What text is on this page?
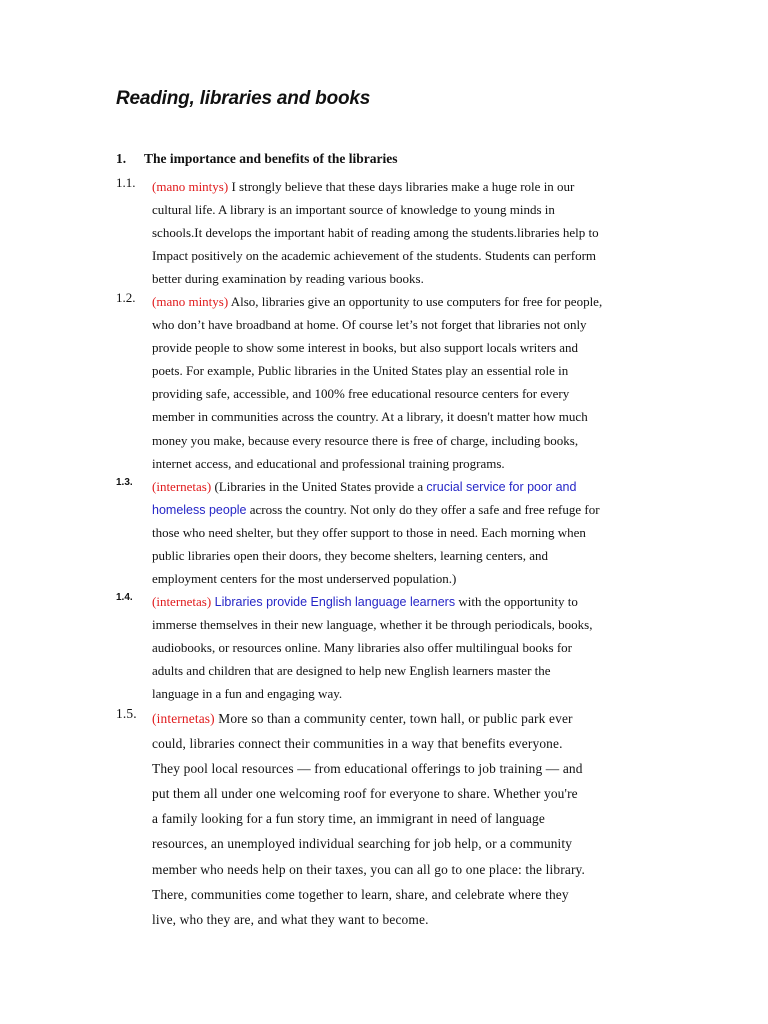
Reading, libraries and books
1. The importance and benefits of the libraries
1.1. (mano mintys) I strongly believe that these days libraries make a huge role in our
cultural life. A library is an important source of knowledge to young minds in
schools.It develops the important habit of reading among the students.libraries help to
Impact positively on the academic achievement of the students. Students can perform
better during examination by reading various books.
1.2. (mano mintys) Also, libraries give an opportunity to use computers for free for people,
who don’t have broadband at home. Of course let’s not forget that libraries not only
provide people to show some interest in books, but also support locals writers and
poets. For example, Public libraries in the United States play an essential role in
providing safe, accessible, and 100% free educational resource centers for every
member in communities across the country. At a library, it doesn't matter how much
money you make, because every resource there is free of charge, including books,
internet access, and educational and professional training programs.
1.3. (internetas) (Libraries in the United States provide a crucial service for poor and
homeless people across the country. Not only do they offer a safe and free refuge for
those who need shelter, but they offer support to those in need. Each morning when
public libraries open their doors, they become shelters, learning centers, and
employment centers for the most underserved population.)
1.4. (internetas) Libraries provide English language learners with the opportunity to
immerse themselves in their new language, whether it be through periodicals, books,
audiobooks, or resources online. Many libraries also offer multilingual books for
adults and children that are designed to help new English learners master the
language in a fun and engaging way.
1.5. (internetas) More so than a community center, town hall, or public park ever
could, libraries connect their communities in a way that benefits everyone.
They pool local resources — from educational offerings to job training — and
put them all under one welcoming roof for everyone to share. Whether you're
a family looking for a fun story time, an immigrant in need of language
resources, an unemployed individual searching for job help, or a community
member who needs help on their taxes, you can all go to one place: the library.
There, communities come together to learn, share, and celebrate where they
live, who they are, and what they want to become.
